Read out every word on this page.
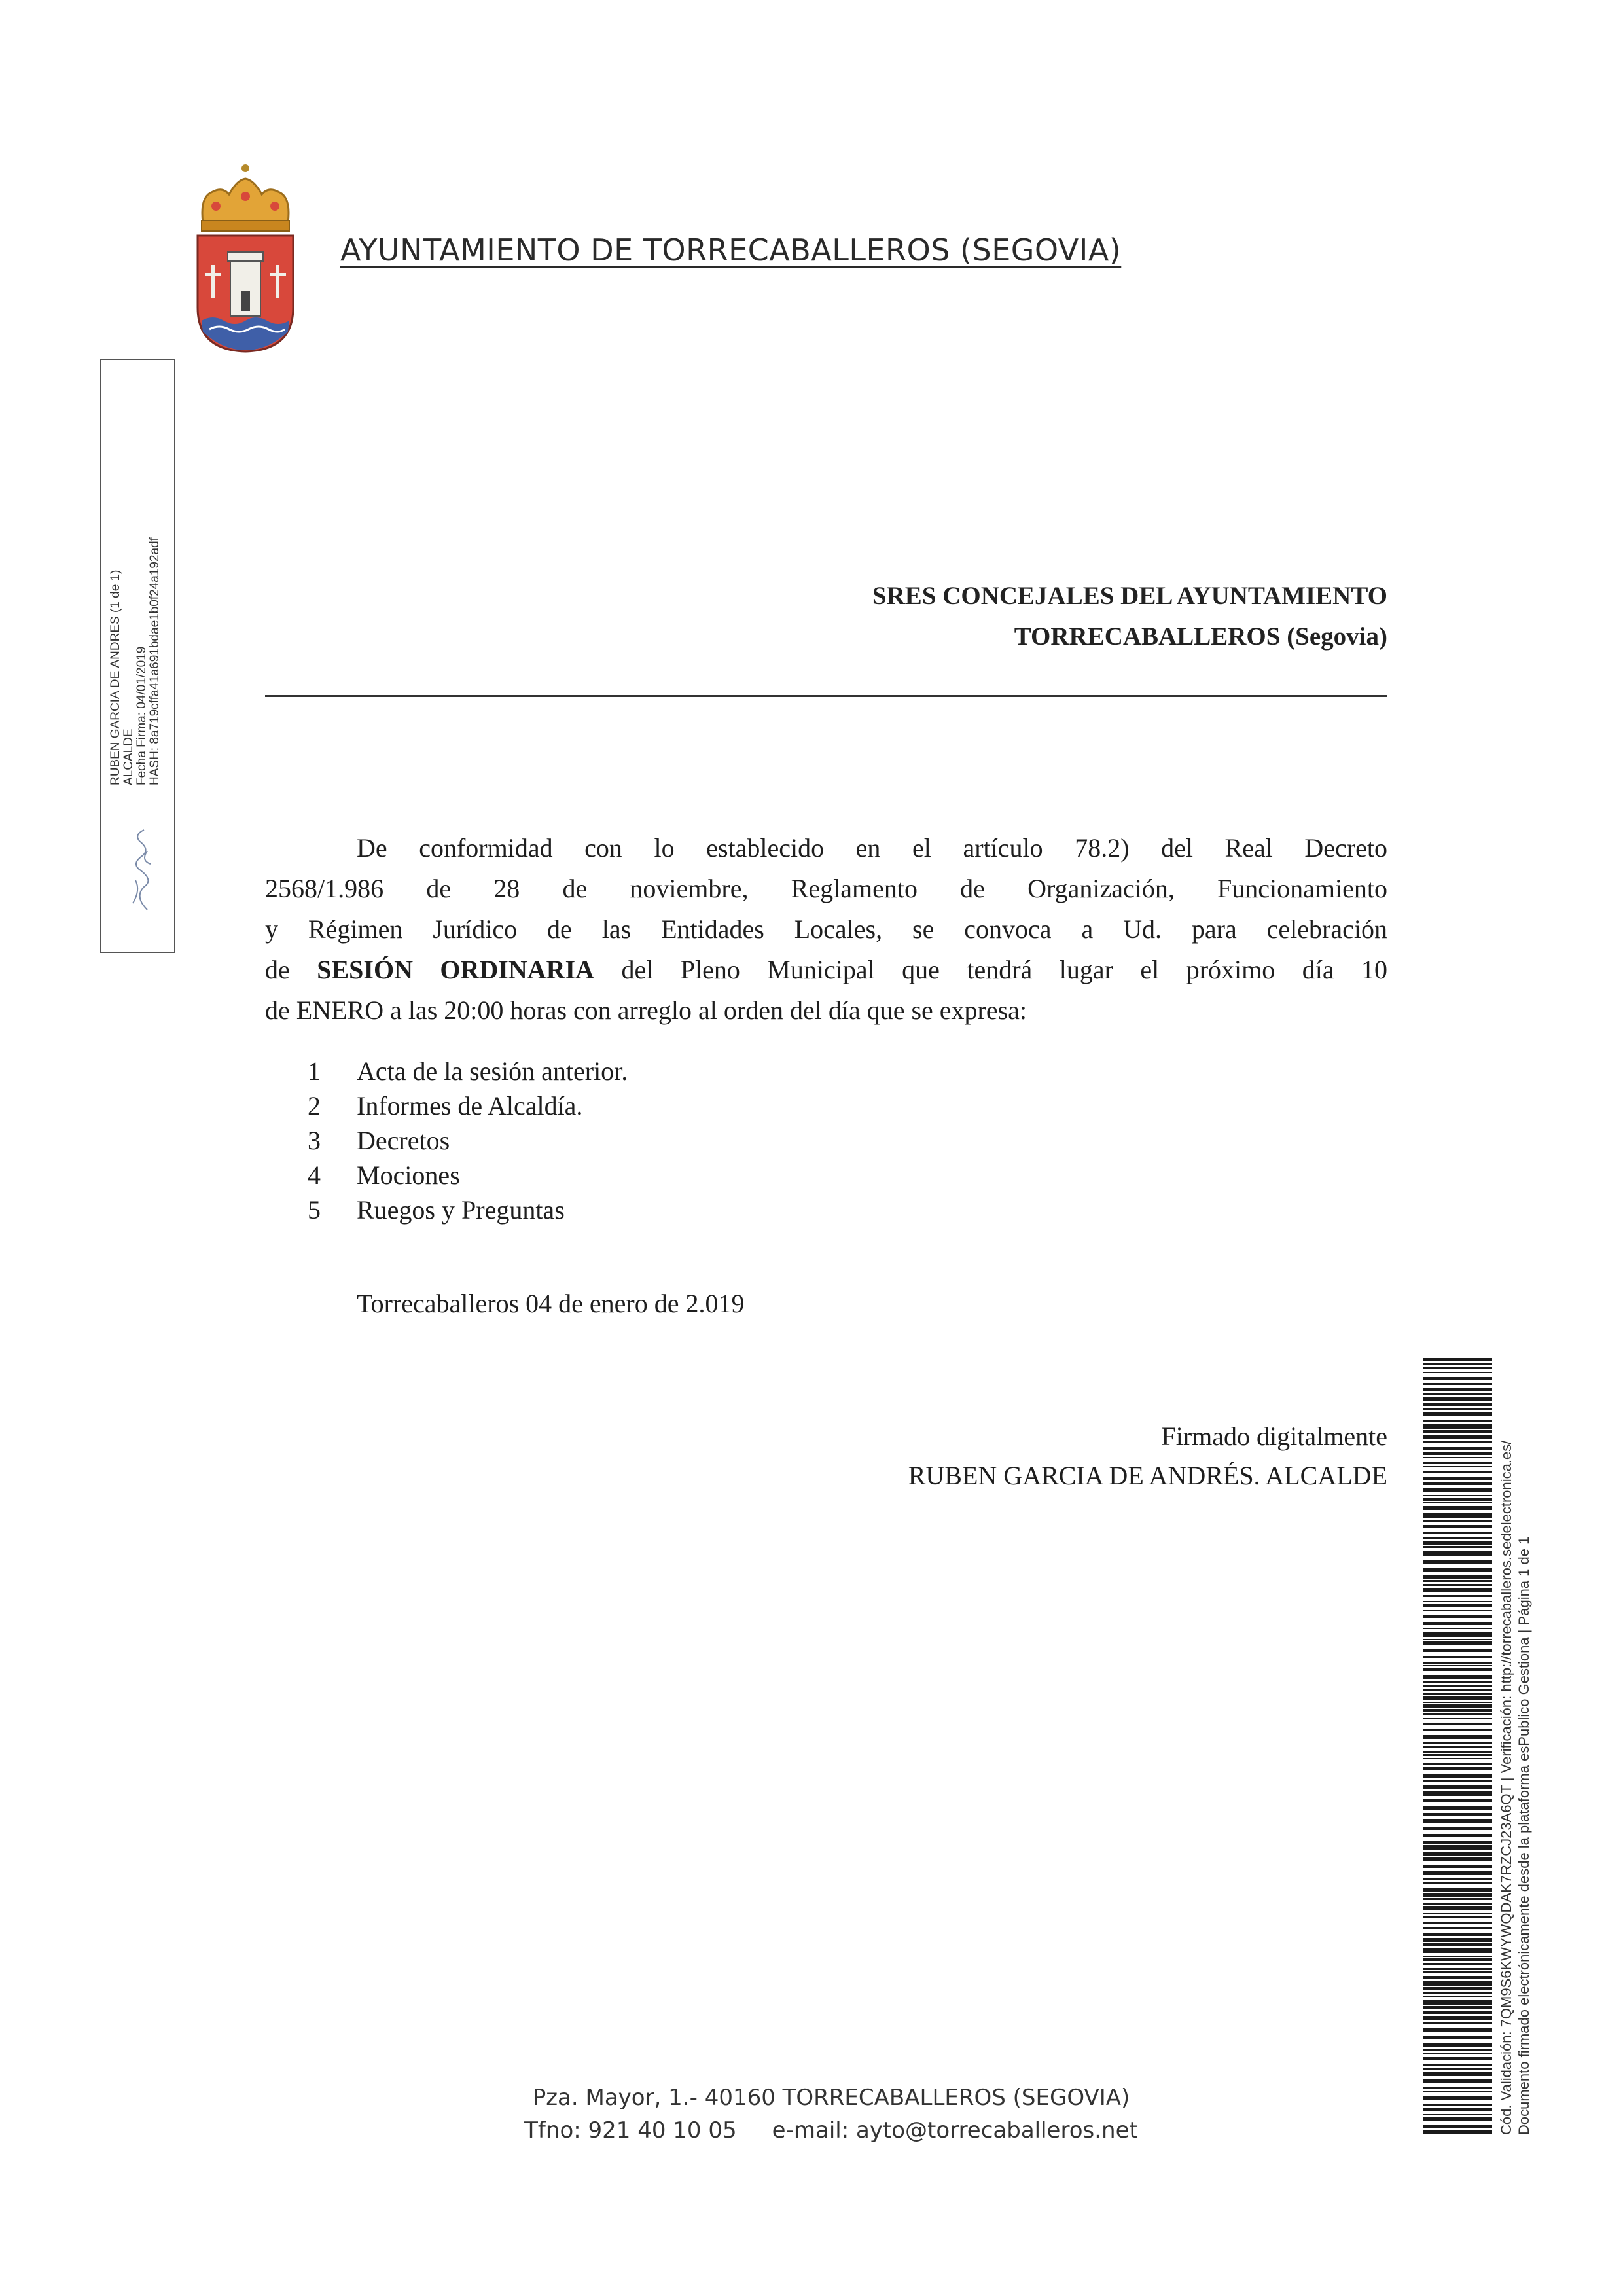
AYUNTAMIENTO DE TORRECABALLEROS (SEGOVIA)
RUBEN GARCIA DE ANDRES (1 de 1) ALCALDE Fecha Firma: 04/01/2019 HASH: 8a719cffa41a691bdae1b0f24a192adf	SRES CONCEJALES DEL AYUNTAMIENTO
TORRECABALLEROS (Segovia)
De conformidad con lo establecido en el artículo 78.2) del Real Decreto
2568/1.986 de 28 de noviembre, Reglamento de Organización, Funcionamiento
y Régimen Jurídico de las Entidades Locales, se convoca a Ud. para celebración
de SESIÓN ORDINARIA del Pleno Municipal que tendrá lugar el próximo día 10
de ENERO a las 20:00 horas con arreglo al orden del día que se expresa:
1	Acta de la sesión anterior.
2	Informes de Alcaldía.
3	Decretos
4	Mociones
5	Ruegos y Preguntas
Torrecaballeros 04 de enero de 2.019
Firmado digitalmente
RUBEN GARCIA DE ANDRÉS. ALCALDE
Pza. Mayor, 1.- 40160 TORRECABALLEROS (SEGOVIA)
Tfno: 921 40 10 05 e-mail: ayto@torrecaballeros.net	Cód. Validación: 7QM9S6KWYWQDAK7RZCJ23A6QT | Verificación: http://torrecaballeros.sedelectronica.es/ Documento firmado electrónicamente desde la plataforma esPublico Gestiona | Página 1 de 1
